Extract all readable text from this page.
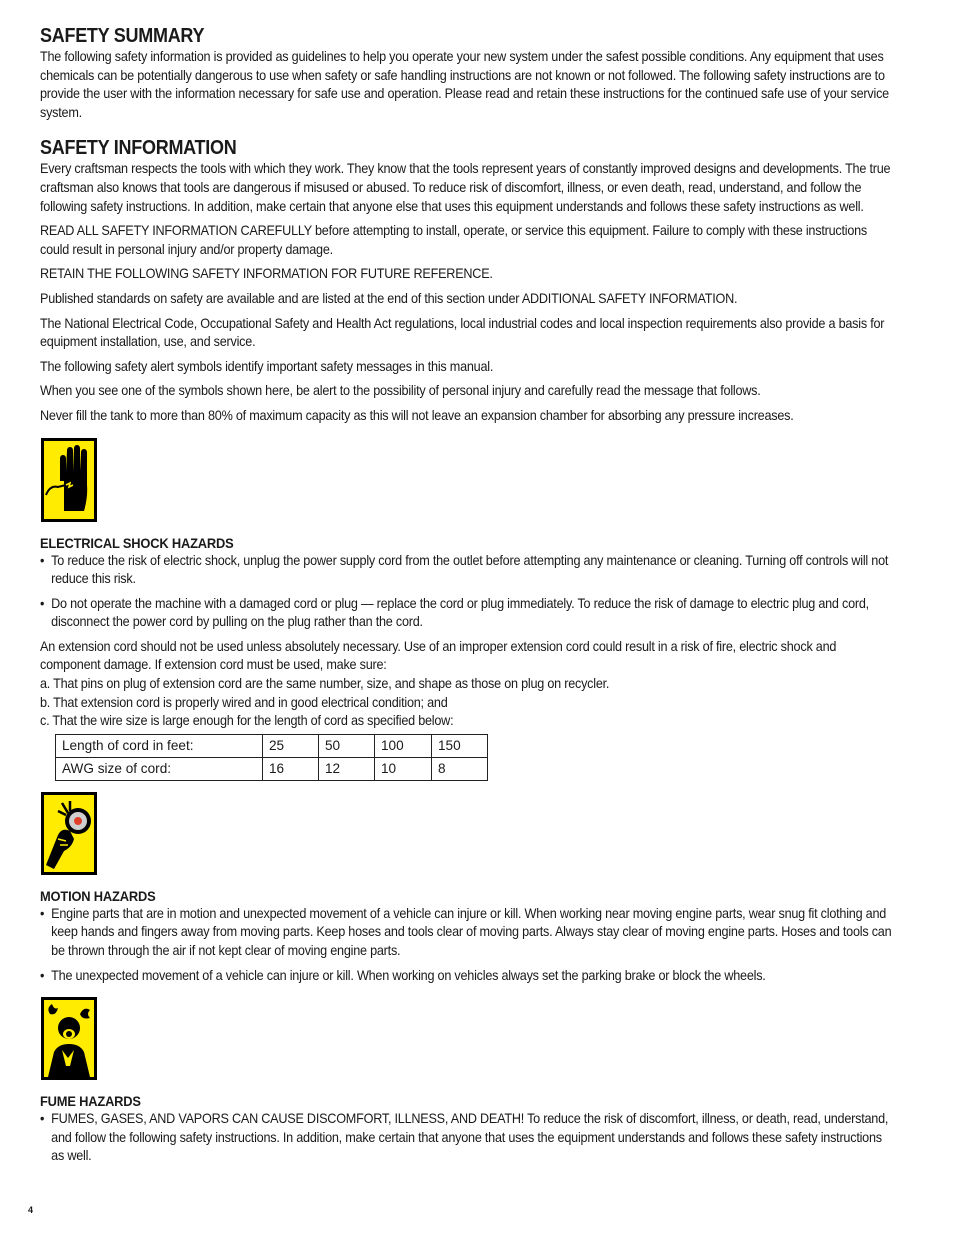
SAFETY SUMMARY

The following safety information is provided as guidelines to help you operate your new system under the safest possible conditions. Any equipment that uses chemicals can be potentially dangerous to use when safety or safe handling instructions are not known or not followed. The following safety instructions are to provide the user with the information necessary for safe use and operation. Please read and retain these instructions for the continued safe use of your service system.

SAFETY INFORMATION

Every craftsman respects the tools with which they work. They know that the tools represent years of constantly improved designs and developments. The true craftsman also knows that tools are dangerous if misused or abused. To reduce risk of discomfort, illness, or even death, read, understand, and follow the following safety instructions. In addition, make certain that anyone else that uses this equipment understands and follows these safety instructions as well.

READ ALL SAFETY INFORMATION CAREFULLY before attempting to install, operate, or service this equipment. Failure to comply with these instructions could result in personal injury and/or property damage.

RETAIN THE FOLLOWING SAFETY INFORMATION FOR FUTURE REFERENCE.

Published standards on safety are available and are listed at the end of this section under ADDITIONAL SAFETY INFORMATION.

The National Electrical Code, Occupational Safety and Health Act regulations, local industrial codes and local inspection requirements also provide a basis for equipment installation, use, and service.

The following safety alert symbols identify important safety messages in this manual.

When you see one of the symbols shown here, be alert to the possibility of personal injury and carefully read the message that follows.

Never fill the tank to more than 80% of maximum capacity as this will not leave an expansion chamber for absorbing any pressure increases.

ELECTRICAL SHOCK HAZARDS
• To reduce the risk of electric shock, unplug the power supply cord from the outlet before attempting any maintenance or cleaning. Turning off controls will not reduce this risk.
• Do not operate the machine with a damaged cord or plug — replace the cord or plug immediately. To reduce the risk of damage to electric plug and cord, disconnect the power cord by pulling on the plug rather than the cord.

An extension cord should not be used unless absolutely necessary. Use of an improper extension cord could result in a risk of fire, electric shock and component damage. If extension cord must be used, make sure:

a. That pins on plug of extension cord are the same number, size, and shape as those on plug on recycler.

b. That extension cord is properly wired and in good electrical condition; and

c. That the wire size is large enough for the length of cord as specified below:

Length of cord in feet:	25	50	100	150
AWG size of cord:	16	12	10	8
MOTION HAZARDS
• Engine parts that are in motion and unexpected movement of a vehicle can injure or kill. When working near moving engine parts, wear snug fit clothing and keep hands and fingers away from moving parts. Keep hoses and tools clear of moving parts. Always stay clear of moving engine parts. Hoses and tools can be thrown through the air if not kept clear of moving engine parts.
• The unexpected movement of a vehicle can injure or kill. When working on vehicles always set the parking brake or block the wheels.
FUME HAZARDS
• FUMES, GASES, AND VAPORS CAN CAUSE DISCOMFORT, ILLNESS, AND DEATH! To reduce the risk of discomfort, illness, or death, read, understand, and follow the following safety instructions. In addition, make certain that anyone that uses the equipment understands and follows these safety instructions as well.
4
